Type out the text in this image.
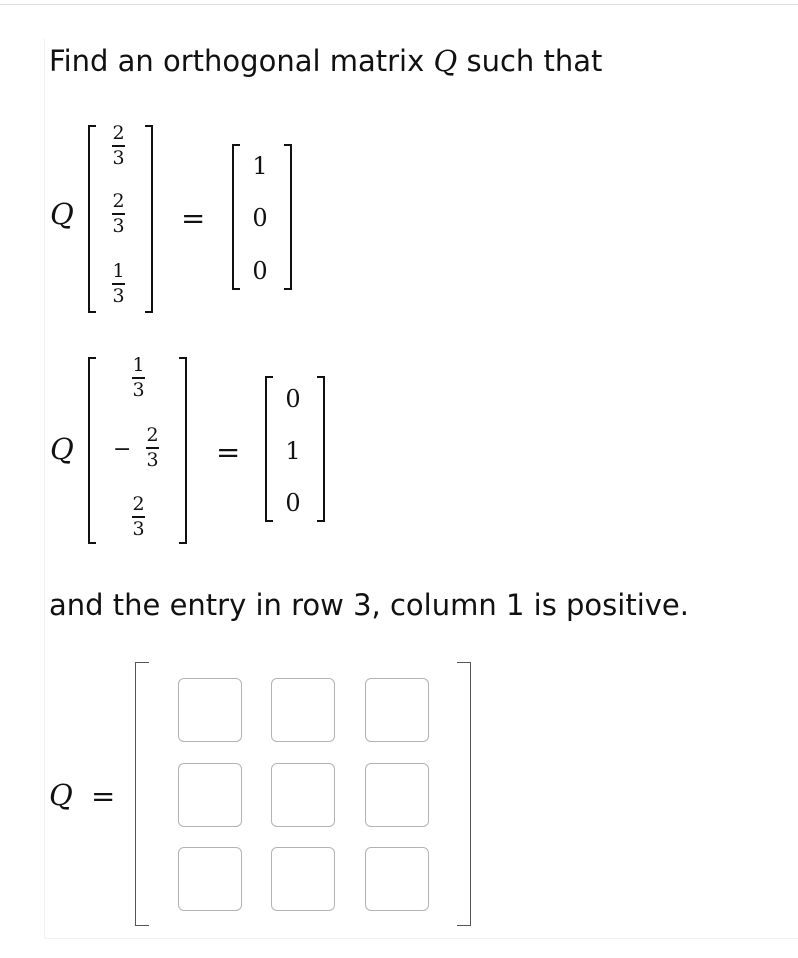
Find an orthogonal matrix Q such that
Q
2
3
2
3
1
3
=
1
0
0
Q
1
3
−
2
3
2
3
=
0
1
0
and the entry in row 3, column 1 is positive.
Q =
